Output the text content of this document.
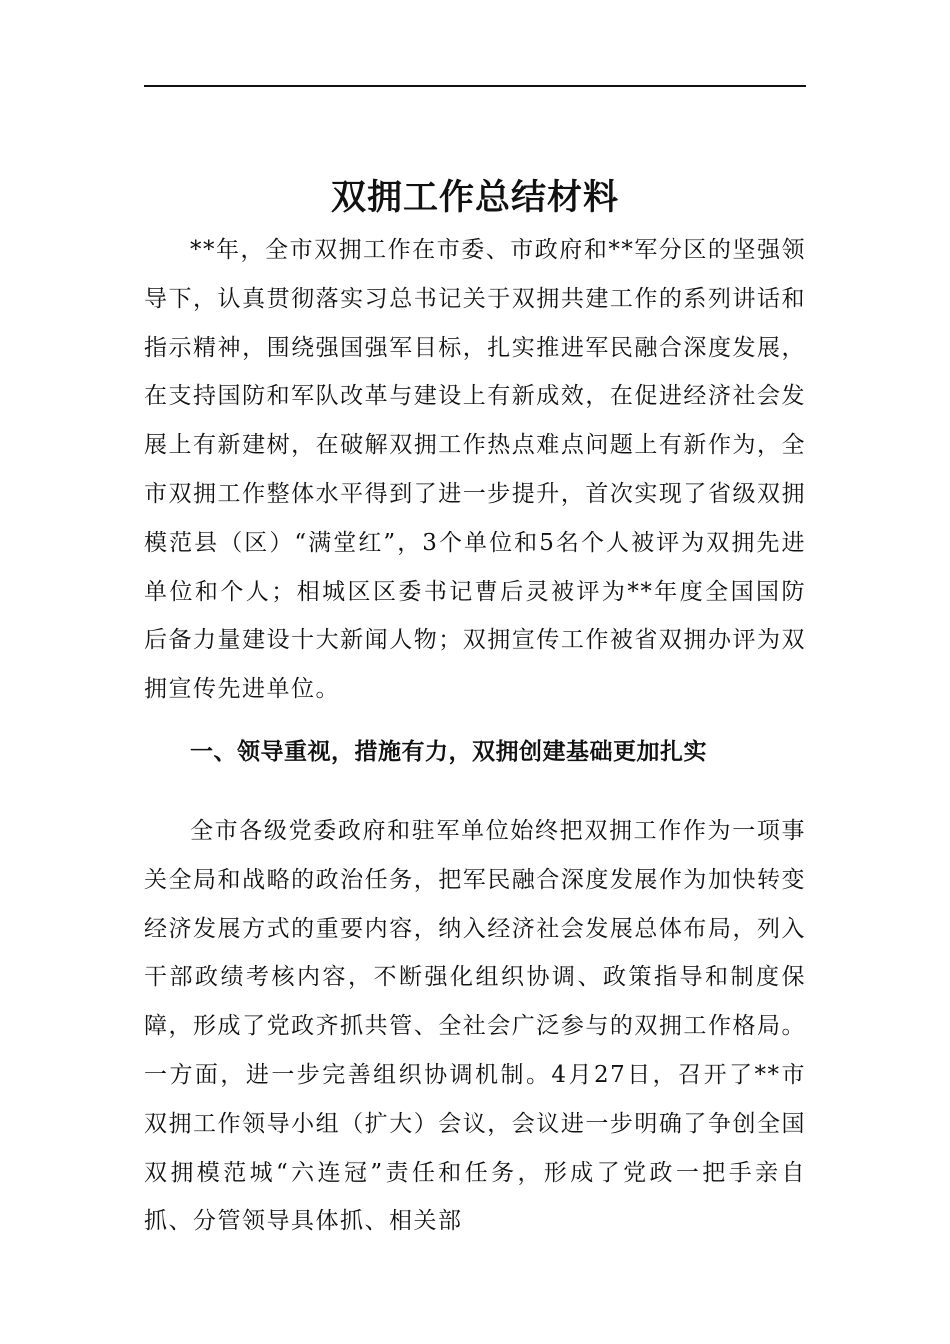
双拥工作总结材料

**年，全市双拥工作在市委、市政府和**军分区的坚强领导下，认真贯彻落实习总书记关于双拥共建工作的系列讲话和指示精神，围绕强国强军目标，扎实推进军民融合深度发展，在支持国防和军队改革与建设上有新成效，在促进经济社会发展上有新建树，在破解双拥工作热点难点问题上有新作为，全市双拥工作整体水平得到了进一步提升，首次实现了省级双拥模范县（区）“满堂红”，3个单位和5名个人被评为双拥先进单位和个人；相城区区委书记曹后灵被评为**年度全国国防后备力量建设十大新闻人物；双拥宣传工作被省双拥办评为双拥宣传先进单位。

一、领导重视，措施有力，双拥创建基础更加扎实

全市各级党委政府和驻军单位始终把双拥工作作为一项事关全局和战略的政治任务，把军民融合深度发展作为加快转变经济发展方式的重要内容，纳入经济社会发展总体布局，列入干部政绩考核内容，不断强化组织协调、政策指导和制度保障，形成了党政齐抓共管、全社会广泛参与的双拥工作格局。一方面，进一步完善组织协调机制。4月27日，召开了**市双拥工作领导小组（扩大）会议，会议进一步明确了争创全国双拥模范城“六连冠”责任和任务，形成了党政一把手亲自抓、分管领导具体抓、相关部
